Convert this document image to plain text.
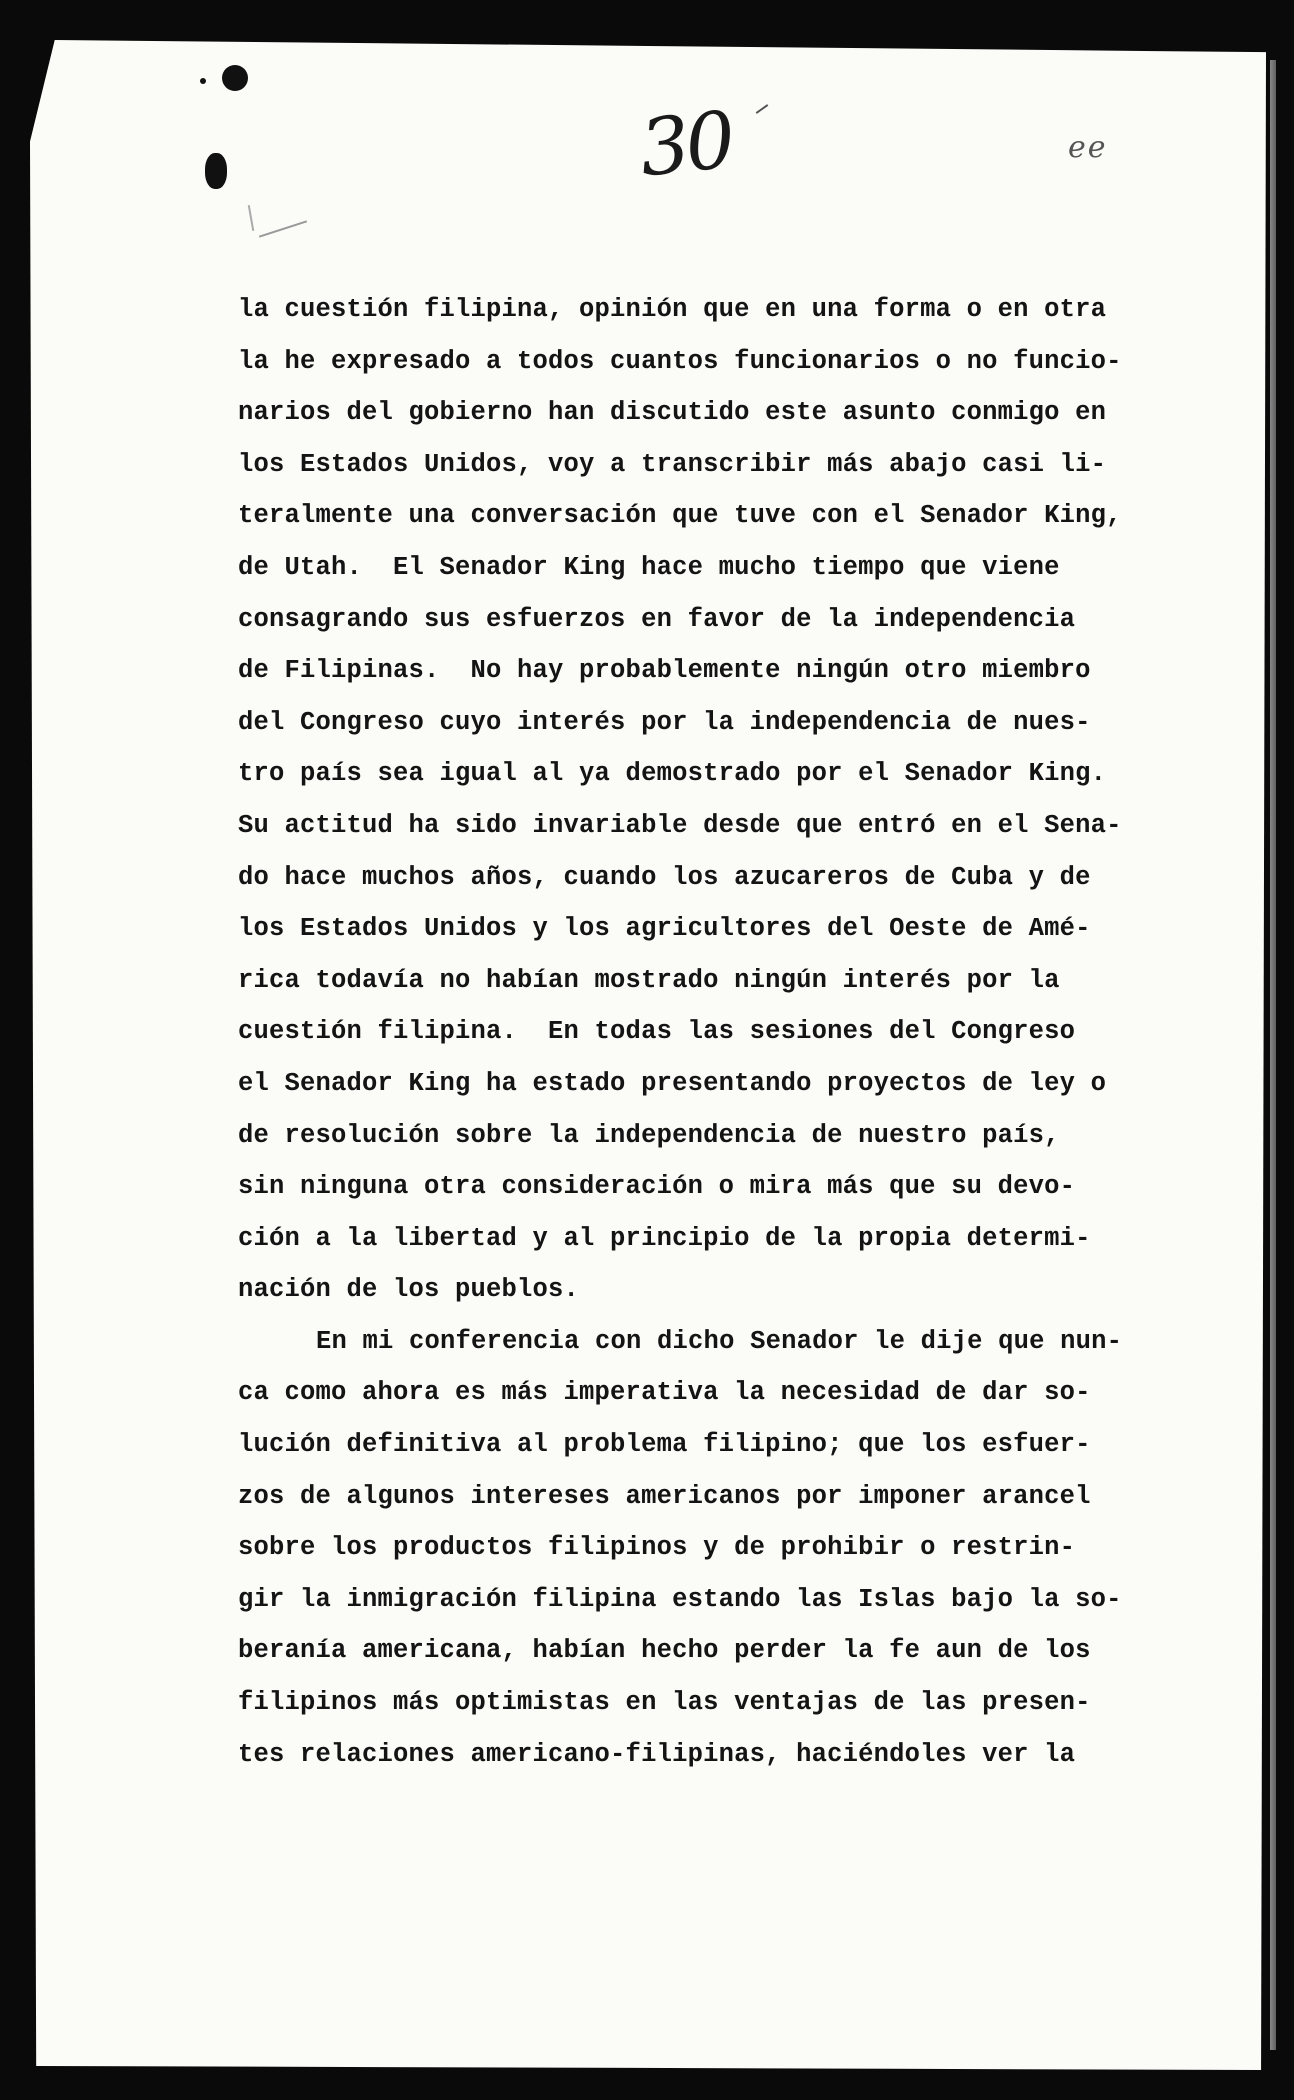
30	ee
la cuestión filipina, opinión que en una forma o en otra
la he expresado a todos cuantos funcionarios o no funcio-
narios del gobierno han discutido este asunto conmigo en
los Estados Unidos, voy a transcribir más abajo casi li-
teralmente una conversación que tuve con el Senador King,
de Utah.  El Senador King hace mucho tiempo que viene
consagrando sus esfuerzos en favor de la independencia
de Filipinas.  No hay probablemente ningún otro miembro
del Congreso cuyo interés por la independencia de nues-
tro país sea igual al ya demostrado por el Senador King.
Su actitud ha sido invariable desde que entró en el Sena-
do hace muchos años, cuando los azucareros de Cuba y de
los Estados Unidos y los agricultores del Oeste de Amé-
rica todavía no habían mostrado ningún interés por la
cuestión filipina.  En todas las sesiones del Congreso
el Senador King ha estado presentando proyectos de ley o
de resolución sobre la independencia de nuestro país,
sin ninguna otra consideración o mira más que su devo-
ción a la libertad y al principio de la propia determi-
nación de los pueblos.
En mi conferencia con dicho Senador le dije que nun-
ca como ahora es más imperativa la necesidad de dar so-
lución definitiva al problema filipino; que los esfuer-
zos de algunos intereses americanos por imponer arancel
sobre los productos filipinos y de prohibir o restrin-
gir la inmigración filipina estando las Islas bajo la so-
beranía americana, habían hecho perder la fe aun de los
filipinos más optimistas en las ventajas de las presen-
tes relaciones americano-filipinas, haciéndoles ver la
